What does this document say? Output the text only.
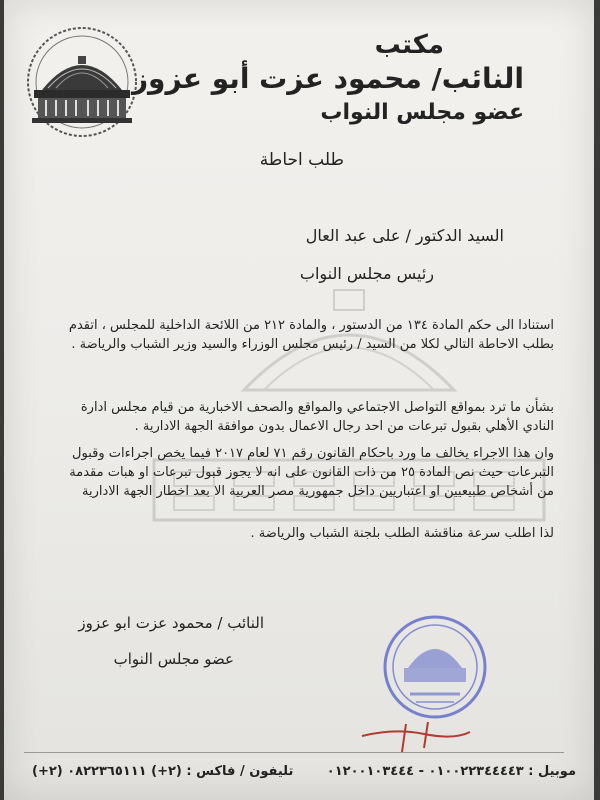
مكتب
النائب/ محمود عزت أبو عزوز
عضو مجلس النواب
طلب احاطة
السيد الدكتور / على عبد العال
رئيس مجلس النواب
استنادا الى حكم المادة ١٣٤ من الدستور ، والمادة ٢١٢ من اللائحة الداخلية للمجلس ، اتقدم بطلب الاحاطة التالي لكلا من السيد / رئيس مجلس الوزراء والسيد وزير الشباب والرياضة .
بشأن ما ترد بمواقع التواصل الاجتماعي والمواقع والصحف الاخبارية من قيام مجلس ادارة النادي الأهلي بقبول تبرعات من احد رجال الاعمال بدون موافقة الجهة الادارية .
وان هذا الاجراء يخالف ما ورد باحكام القانون رقم ٧١ لعام ٢٠١٧ فيما يخص اجراءات وقبول التبرعات حيث نص المادة ٢٥ من ذات القانون على انه لا يجوز قبول تبرعات او هبات مقدمة من أشخاص طبيعيين او اعتباريين داخل جمهورية مصر العربية الا بعد اخطار الجهة الادارية
لذا اطلب سرعة مناقشة الطلب بلجنة الشباب والرياضة .
النائب / محمود عزت ابو عزوز
عضو مجلس النواب
موبيل : ٠١٠٠٢٢٣٤٤٤٤٣ - ٠١٢٠٠١٠٣٤٤٤
تليفون / فاكس : (٢+) ٠٨٢٢٣٦٥١١١ (٢+)
